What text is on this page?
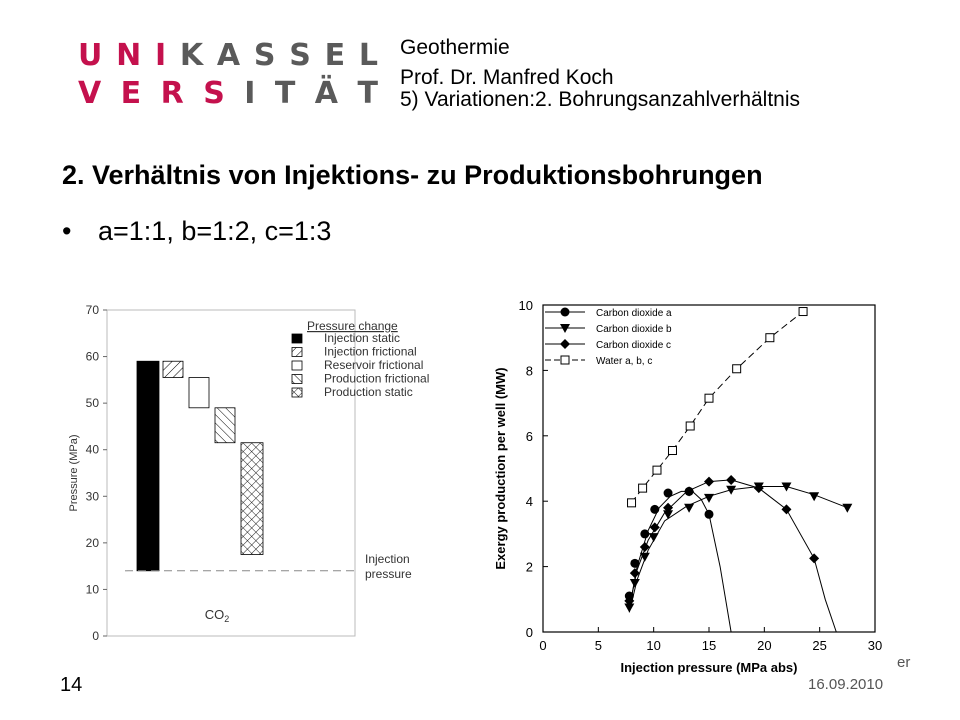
U N I K A S S E L
V E R S I T Ä T
Geothermie
Prof. Dr. Manfred Koch
5) Variationen:2. Bohrungsanzahlverhältnis
2. Verhältnis von Injektions- zu Produktionsbohrungen
• a=1:1, b=1:2, c=1:3
0
10
20
30
40
50
60
70
Pressure (MPa)
Injection
pressure
$CO_2$
Pressure change
Injection static
Injection frictional
Reservoir frictional
Production frictional
Production static
0	5	10	15	20	25	30
0
2
4
6
8
10
Injection pressure (MPa abs)
Exergy production per well (MW)
Carbon dioxide a
Carbon dioxide b
Carbon dioxide c
Water a, b, c
14	16.09.2010
er
